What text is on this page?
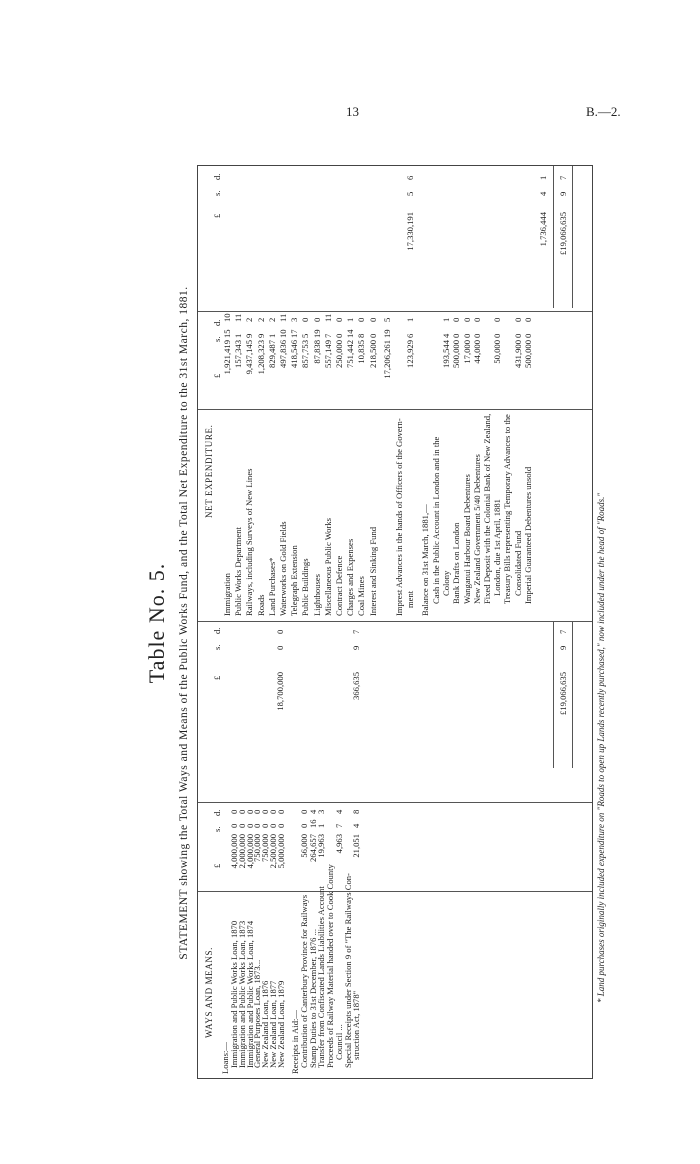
13	B.—2.
Table No. 5. STATEMENT showing the Total Ways and Means of the Public Works Fund, and the Total Net Expenditure to the 31st March, 1881.
WAYS AND MEANS.
NET EXPENDITURE.
£
s.
d.
£
s.
d.
£
s.
d.
£
s.
d.
Loans:— Immigration and Public Works Loan, 1870
4,000,000
0
0
Immigration and Public Works Loan, 1873
2,000,000
0
0
Immigration and Public Works Loan, 1874
4,000,000
0
0
General Purposes Loan, 1873...
750,000
0
0
New Zealand Loan, 1876
750,000
0
0
New Zealand Loan, 1877
2,500,000
0
0
New Zealand Loan, 1879
5,000,000
0
0
18,700,000
0
0
Receipts in Aid:— Contribution of Canterbury Province for Railways
56,000
0
0
Stamp Duties to 31st December, 1876 ...
264,657
16
4
Transfer from Confiscated Lands Liabilities Account
19,963
1
3
Proceeds of Railway Material handed over to Cook County
Council ...
4,963
7
4
Special Receipts under Section 9 of "The Railways Con-
struction Act, 1878"
21,051
4
8
366,635
9
7
Immigration
1,921,419
15
10
Public Works Department
157,343
1
11
Railways, including Surveys of New Lines
9,437,145
9
2
Roads
1,208,323
9
2
Land Purchases*
829,487
1
2
Waterworks on Gold Fields
497,836
10
11
Telegraph Extension
418,546
17
3
Public Buildings
857,753
5
0
Lighthouses
87,838
19
0
Miscellaneous Public Works
557,149
7
11
Contract Defence
250,000
0
0
Charges and Expenses
751,442
14
1
Coal Mines
10,835
8
0
Interest and Sinking Fund
218,500
0
0
17,206,261
19
5
Imprest Advances in the hands of Officers of the Govern- ment
123,929
6
1
17,330,191
5
6
Balance on 31st March, 1881,— Cash in the Public Account in London and in the Colony
193,544
4
1
Bank Drafts on London
500,000
0
0
Wanganui Harbour Board Debentures
17,000
0
0
New Zealand Government 5/40 Debentures
44,000
0
0
Fixed Deposit with the Colonial Bank of New Zealand, London, due 1st April, 1881
50,000
0
0
Treasury Bills representing Temporary Advances to the Consolidated Fund
431,900
0
0
Imperial Guaranteed Debentures unsold
500,000
0
0
1,736,444
4
1
£19,066,635
9
7
£19,066,635
9
7
* Land purchases originally included expenditure on "Roads to open up Lands recently purchased," now included under the head of "Roads."
